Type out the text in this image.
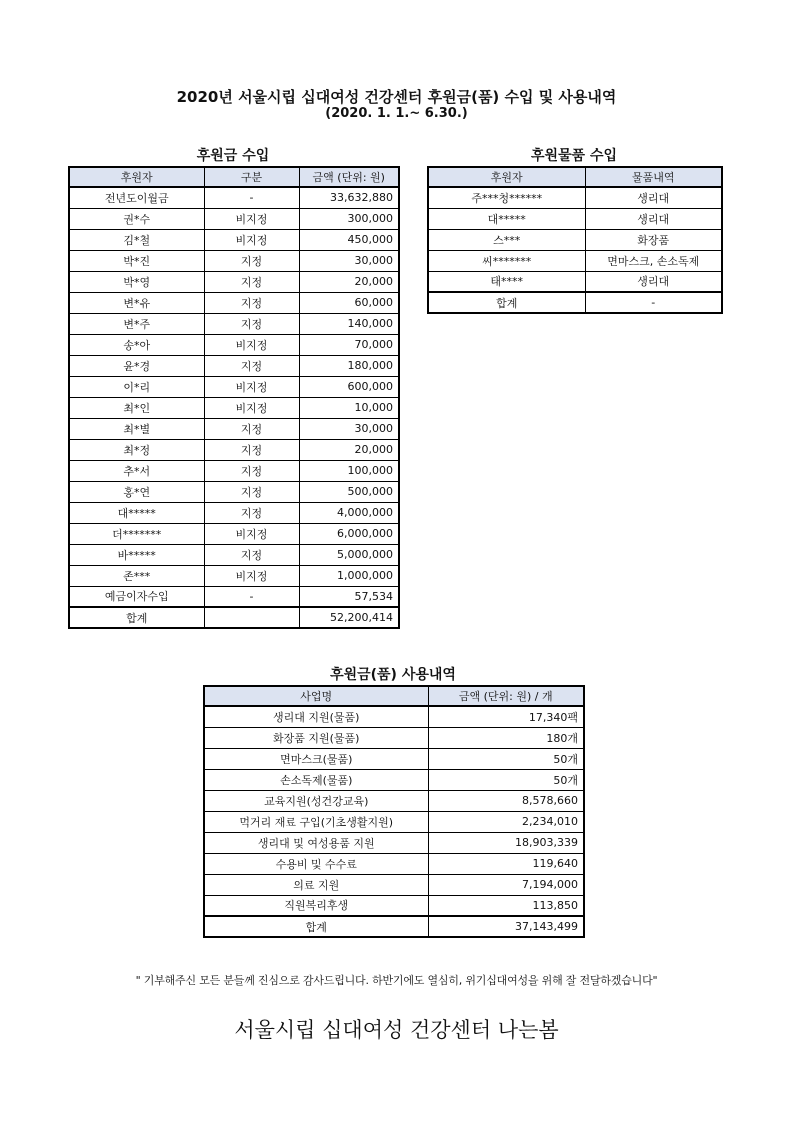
2020년 서울시립 십대여성 건강센터 후원금(품) 수입 및 사용내역
(2020. 1. 1.~ 6.30.)
후원금 수입
후원자	구분	금액 (단위: 원)
전년도이월금	-	33,632,880
권*수	비지정	300,000
김*철	비지정	450,000
박*진	지정	30,000
박*영	지정	20,000
변*유	지정	60,000
변*주	지정	140,000
송*아	비지정	70,000
윤*경	지정	180,000
이*리	비지정	600,000
최*인	비지정	10,000
최*별	지정	30,000
최*정	지정	20,000
추*서	지정	100,000
홍*연	지정	500,000
대*****	지정	4,000,000
더*******	비지정	6,000,000
바*****	지정	5,000,000
존***	비지정	1,000,000
예금이자수입	-	57,534
합계		52,200,414
후원물품 수입
후원자	물품내역
주***청******	생리대
대*****	생리대
스***	화장품
씨*******	면마스크, 손소독제
태****	생리대
합계	-
후원금(품) 사용내역
사업명	금액 (단위: 원) / 개
생리대 지원(물품)	17,340팩
화장품 지원(물품)	180개
면마스크(물품)	50개
손소독제(물품)	50개
교육지원(성건강교육)	8,578,660
먹거리 재료 구입(기초생활지원)	2,234,010
생리대 및 여성용품 지원	18,903,339
수용비 및 수수료	119,640
의료 지원	7,194,000
직원복리후생	113,850
합계	37,143,499
" 기부해주신 모든 분들께 진심으로 감사드립니다. 하반기에도 열심히, 위기십대여성을 위해 잘 전달하겠습니다"
서울시립 십대여성 건강센터 나는봄
